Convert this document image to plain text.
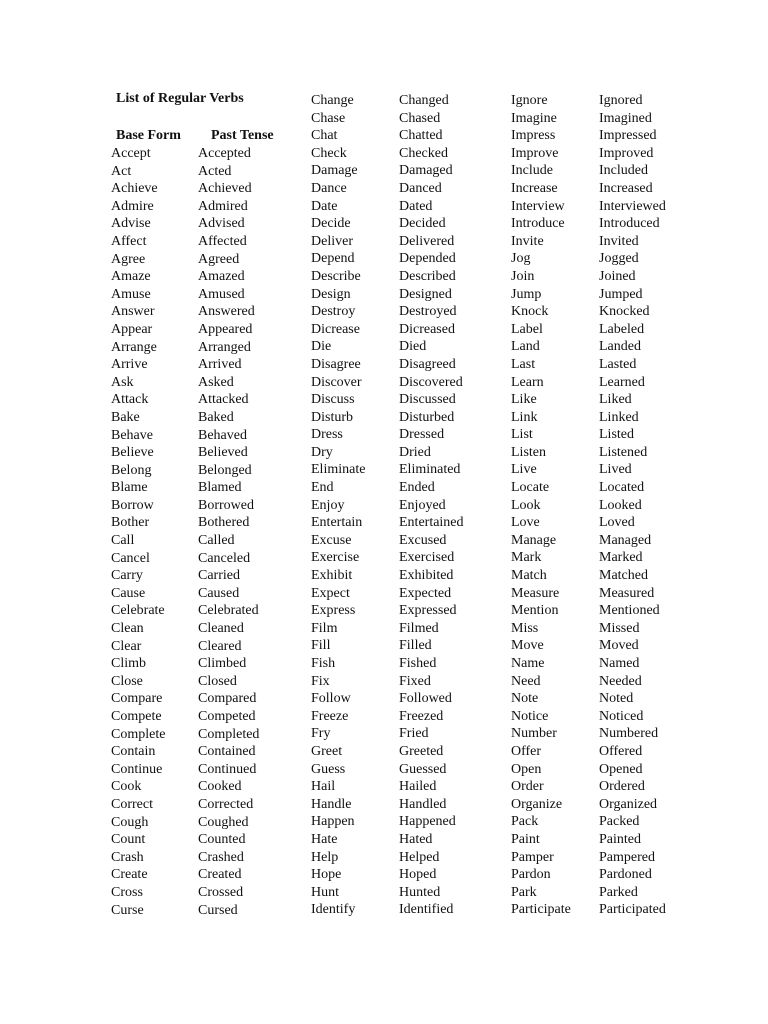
List of Regular Verbs
Base Form Past Tense
Accept
Act
Achieve
Admire
Advise
Affect
Agree
Amaze
Amuse
Answer
Appear
Arrange
Arrive
Ask
Attack
Bake
Behave
Believe
Belong
Blame
Borrow
Bother
Call
Cancel
Carry
Cause
Celebrate
Clean
Clear
Climb
Close
Compare
Compete
Complete
Contain
Continue
Cook
Correct
Cough
Count
Crash
Create
Cross
Curse
Accepted
Acted
Achieved
Admired
Advised
Affected
Agreed
Amazed
Amused
Answered
Appeared
Arranged
Arrived
Asked
Attacked
Baked
Behaved
Believed
Belonged
Blamed
Borrowed
Bothered
Called
Canceled
Carried
Caused
Celebrated
Cleaned
Cleared
Climbed
Closed
Compared
Competed
Completed
Contained
Continued
Cooked
Corrected
Coughed
Counted
Crashed
Created
Crossed
Cursed
Change
Chase
Chat
Check
Damage
Dance
Date
Decide
Deliver
Depend
Describe
Design
Destroy
Dicrease
Die
Disagree
Discover
Discuss
Disturb
Dress
Dry
Eliminate
End
Enjoy
Entertain
Excuse
Exercise
Exhibit
Expect
Express
Film
Fill
Fish
Fix
Follow
Freeze
Fry
Greet
Guess
Hail
Handle
Happen
Hate
Help
Hope
Hunt
Identify
Changed
Chased
Chatted
Checked
Damaged
Danced
Dated
Decided
Delivered
Depended
Described
Designed
Destroyed
Dicreased
Died
Disagreed
Discovered
Discussed
Disturbed
Dressed
Dried
Eliminated
Ended
Enjoyed
Entertained
Excused
Exercised
Exhibited
Expected
Expressed
Filmed
Filled
Fished
Fixed
Followed
Freezed
Fried
Greeted
Guessed
Hailed
Handled
Happened
Hated
Helped
Hoped
Hunted
Identified
Ignore
Imagine
Impress
Improve
Include
Increase
Interview
Introduce
Invite
Jog
Join
Jump
Knock
Label
Land
Last
Learn
Like
Link
List
Listen
Live
Locate
Look
Love
Manage
Mark
Match
Measure
Mention
Miss
Move
Name
Need
Note
Notice
Number
Offer
Open
Order
Organize
Pack
Paint
Pamper
Pardon
Park
Participate
Ignored
Imagined
Impressed
Improved
Included
Increased
Interviewed
Introduced
Invited
Jogged
Joined
Jumped
Knocked
Labeled
Landed
Lasted
Learned
Liked
Linked
Listed
Listened
Lived
Located
Looked
Loved
Managed
Marked
Matched
Measured
Mentioned
Missed
Moved
Named
Needed
Noted
Noticed
Numbered
Offered
Opened
Ordered
Organized
Packed
Painted
Pampered
Pardoned
Parked
Participated
